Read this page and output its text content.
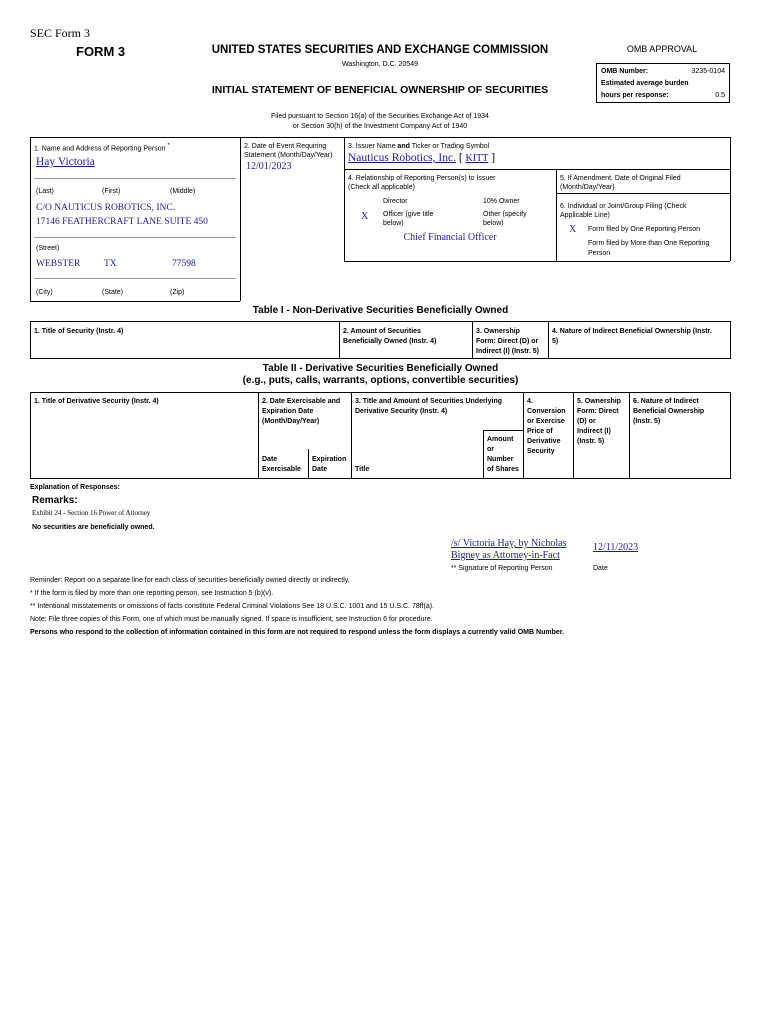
SEC Form 3
FORM 3	UNITED STATES SECURITIES AND EXCHANGE COMMISSION
Washington, D.C. 20549
INITIAL STATEMENT OF BENEFICIAL OWNERSHIP OF SECURITIES
OMB APPROVAL
OMB Number:	3235-0104
Estimated average burden
hours per response:	0.5
Filed pursuant to Section 16(a) of the Securities Exchange Act of 1934
or Section 30(h) of the Investment Company Act of 1940
1. Name and Address of Reporting Person *
Hay Victoria
(Last)	(First)	(Middle)
C/O NAUTICUS ROBOTICS, INC.
17146 FEATHERCRAFT LANE SUITE 450
(Street)
WEBSTER TX	77598
(City)	(State)	(Zip)
2. Date of Event Requiring
Statement (Month/Day/Year)
12/01/2023
3. Issuer Name and Ticker or Trading Symbol
Nauticus Robotics, Inc. [ KITT ]
4. Relationship of Reporting Person(s) to Issuer
(Check all applicable)
Director	10% Owner
X Officer (give title
below)
Other (specify
below)
Chief Financial Officer
5. If Amendment, Date of Original Filed
(Month/Day/Year)
6. Individual or Joint/Group Filing (Check
Applicable Line)
X Form filed by One Reporting Person
Form filed by More than One Reporting
Person
Table I - Non-Derivative Securities Beneficially Owned
1. Title of Security (Instr. 4)	2. Amount of Securities
Beneficially Owned (Instr. 4)
3. Ownership
Form: Direct (D) or
Indirect (I) (Instr. 5)
4. Nature of Indirect Beneficial Ownership (Instr.
5)
Table II - Derivative Securities Beneficially Owned
(e.g., puts, calls, warrants, options, convertible securities)
1. Title of Derivative Security (Instr. 4)	2. Date Exercisable and
Expiration Date
(Month/Day/Year)
Date
Exercisable
Expiration
Date
3. Title and Amount of Securities Underlying
Derivative Security (Instr. 4)
Title
Amount
or
Number
of Shares
4.
Conversion
or Exercise
Price of
Derivative
Security
5. Ownership
Form: Direct
(D) or
Indirect (I)
(Instr. 5)
6. Nature of Indirect
Beneficial Ownership
(Instr. 5)
Explanation of Responses:
Remarks:
Exhibit 24 - Section 16 Power of Attorney
No securities are beneficially owned.
/s/ Victoria Hay, by Nicholas
Bigney as Attorney-in-Fact
12/11/2023
** Signature of Reporting Person	Date
Reminder: Report on a separate line for each class of securities beneficially owned directly or indirectly.
* If the form is filed by more than one reporting person, see Instruction 5 (b)(v).
** Intentional misstatements or omissions of facts constitute Federal Criminal Violations See 18 U.S.C. 1001 and 15 U.S.C. 78ff(a).
Note: File three copies of this Form, one of which must be manually signed. If space is insufficient, see Instruction 6 for procedure.
Persons who respond to the collection of information contained in this form are not required to respond unless the form displays a currently valid OMB Number.
